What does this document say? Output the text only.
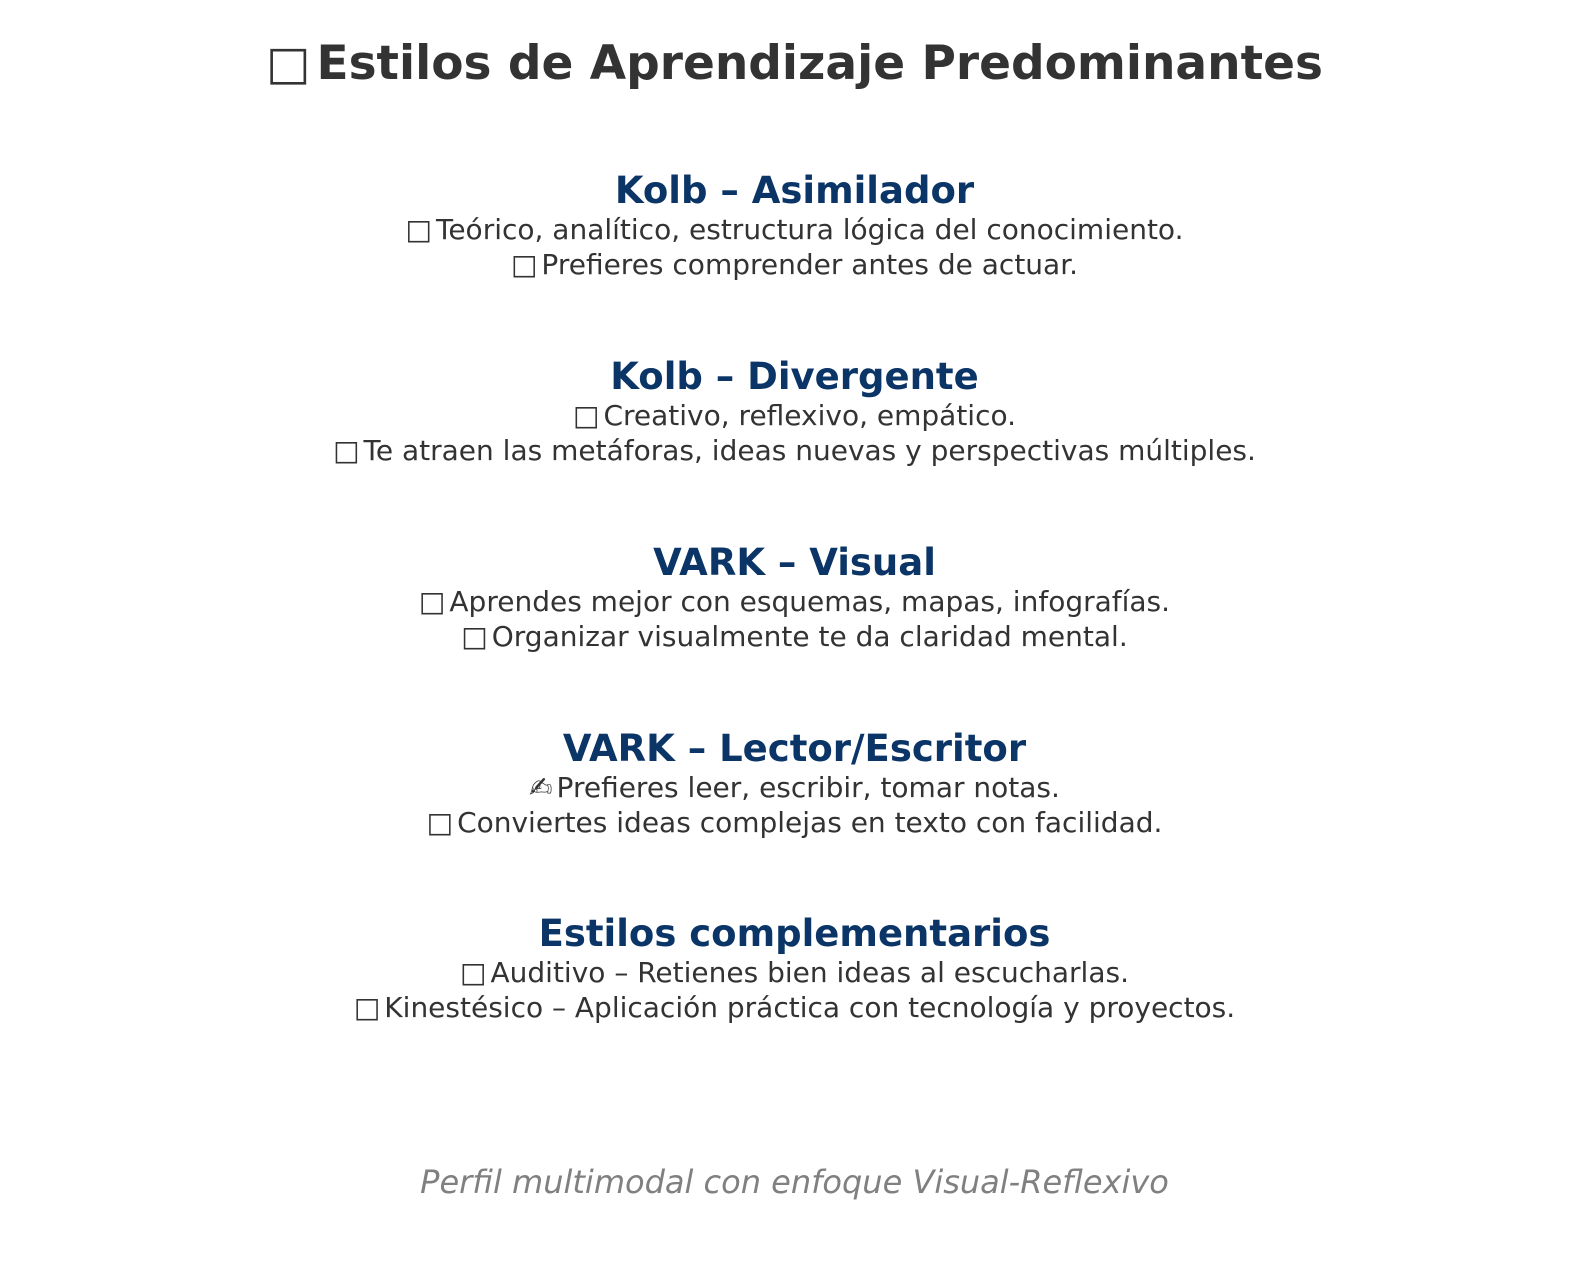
□ Estilos de Aprendizaje Predominantes
Kolb – Asimilador
□ Teórico, analítico, estructura lógica del conocimiento.
□ Prefieres comprender antes de actuar.
Kolb – Divergente
□ Creativo, reflexivo, empático.
□ Te atraen las metáforas, ideas nuevas y perspectivas múltiples.
VARK – Visual
□ Aprendes mejor con esquemas, mapas, infografías.
□ Organizar visualmente te da claridad mental.
VARK – Lector/Escritor
✍ Prefieres leer, escribir, tomar notas.
□ Conviertes ideas complejas en texto con facilidad.
Estilos complementarios
□ Auditivo – Retienes bien ideas al escucharlas.
□ Kinestésico – Aplicación práctica con tecnología y proyectos.
Perfil multimodal con enfoque Visual-Reflexivo
